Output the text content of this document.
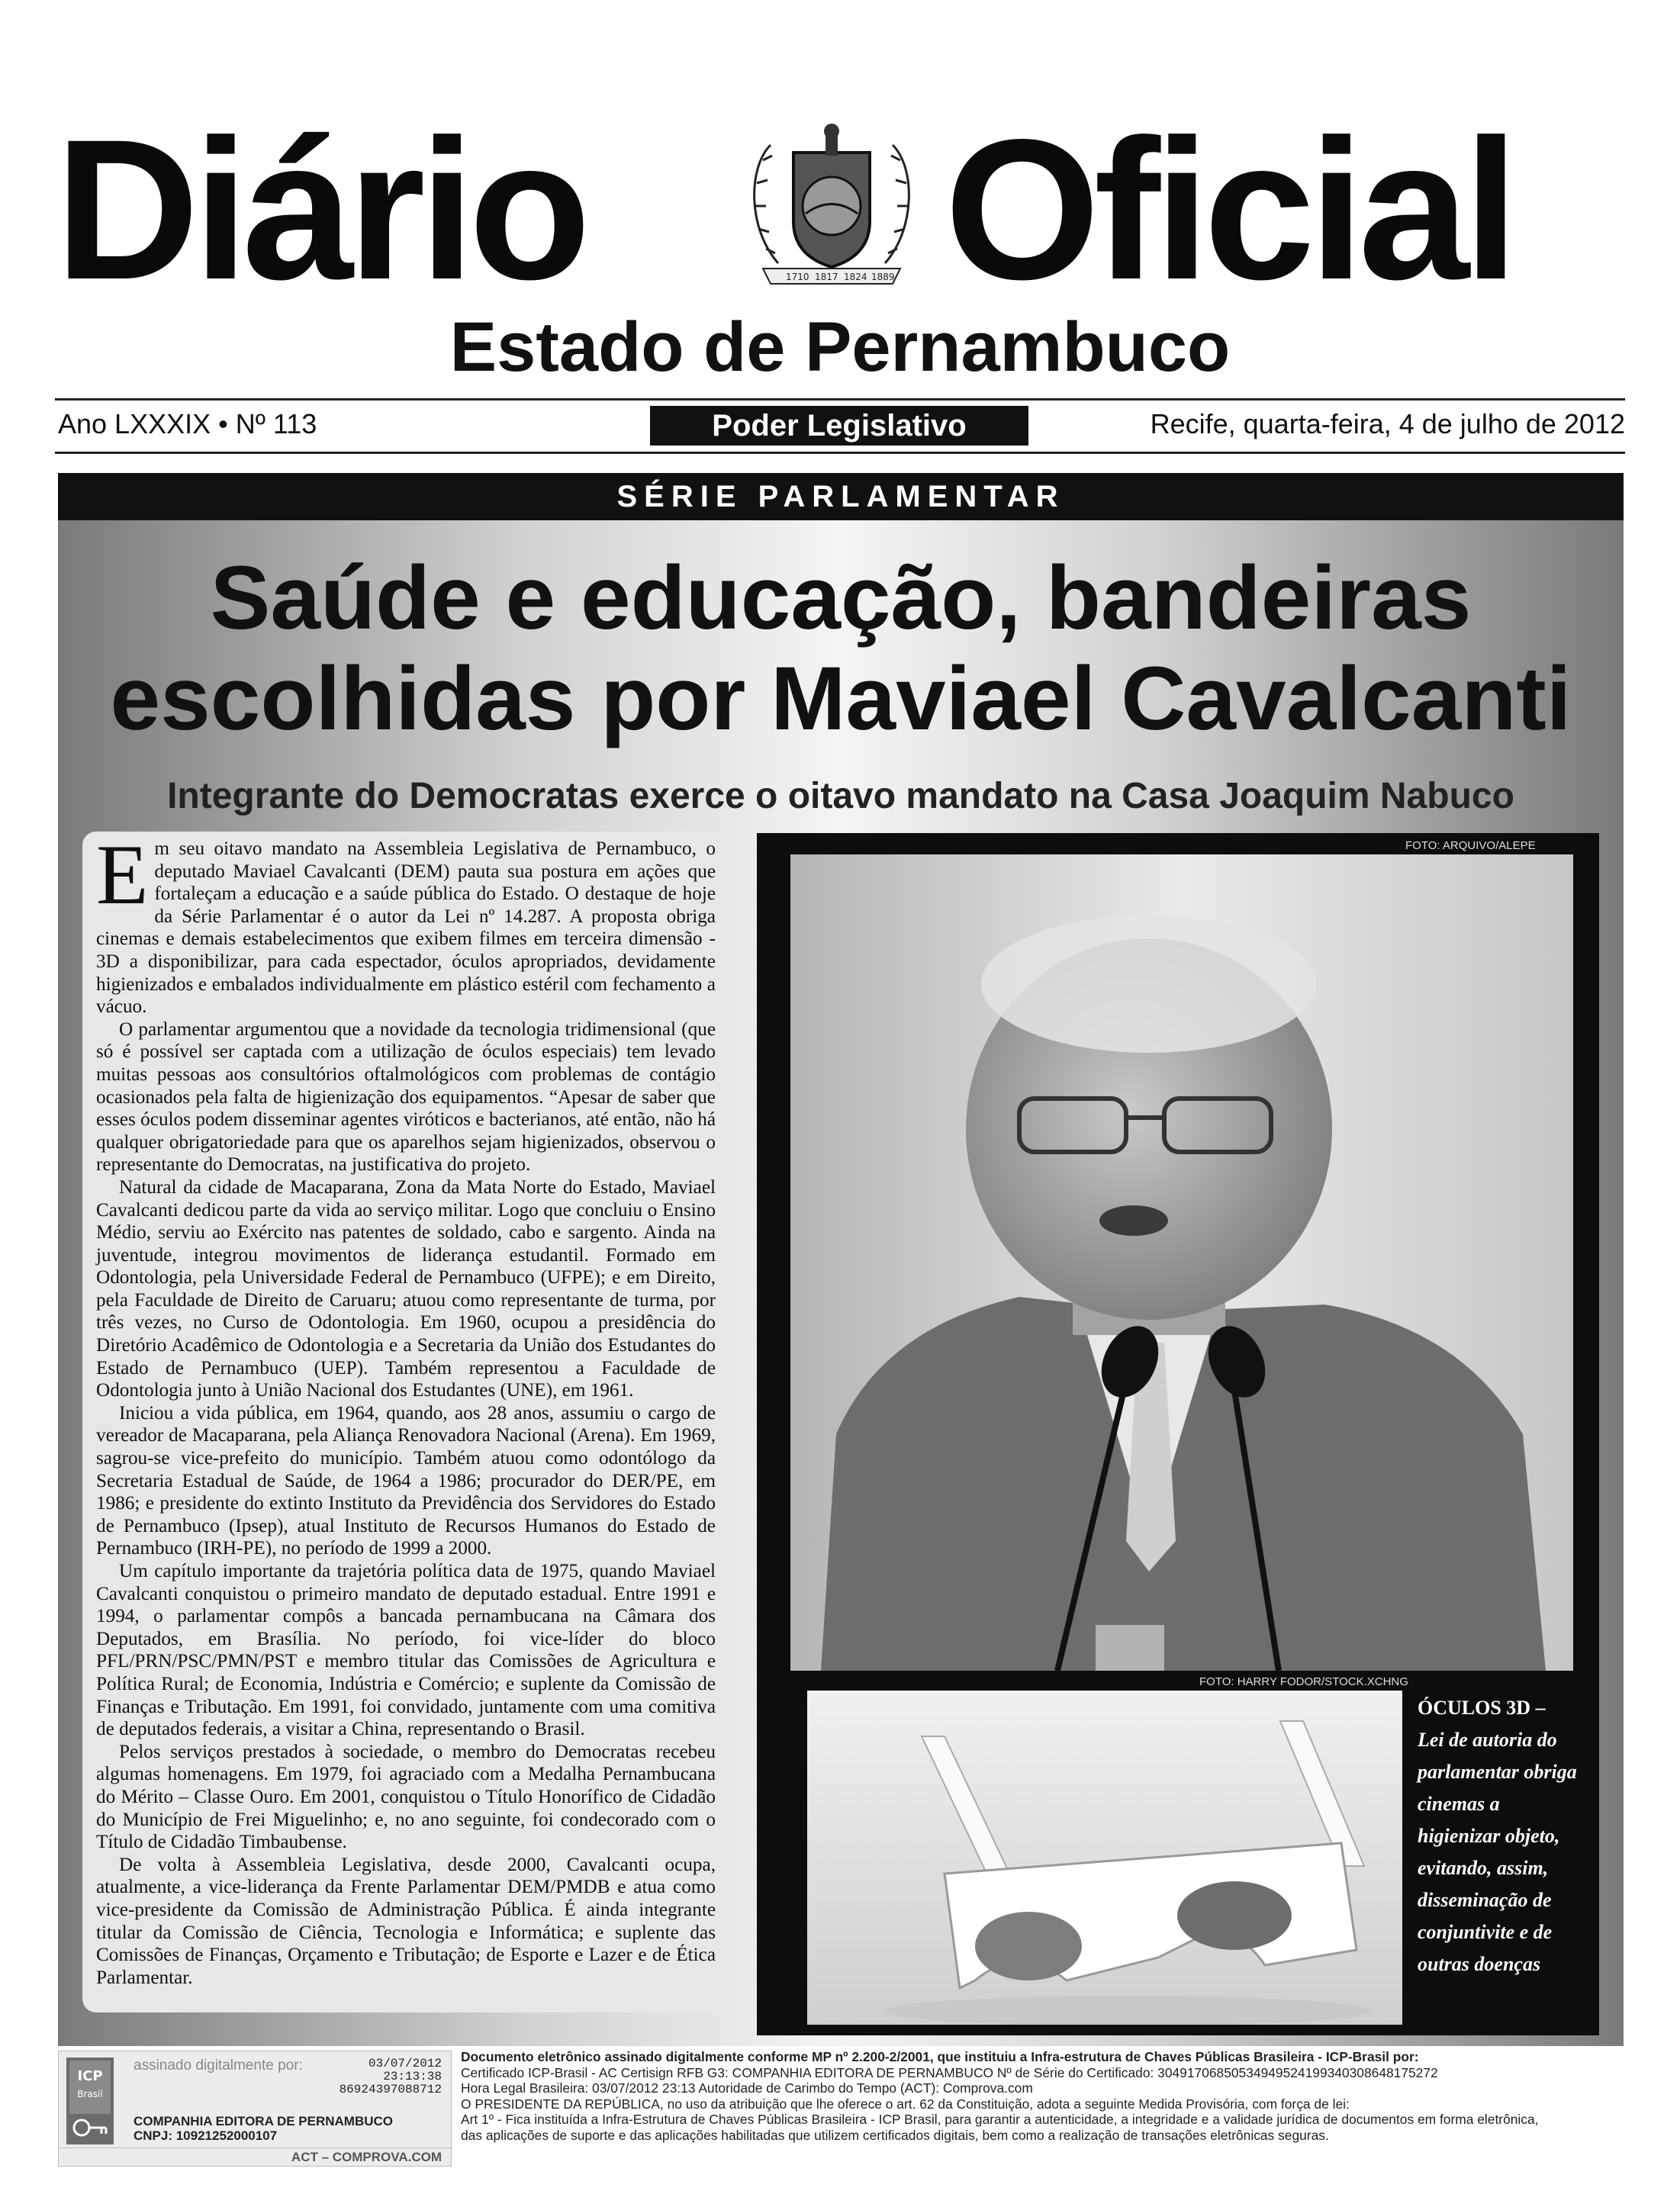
Diário	Oficial
1710 1817 1824 1889
Estado de Pernambuco
Ano LXXXIX • Nº 113	Poder Legislativo	Recife, quarta-feira, 4 de julho de 2012
SÉRIE PARLAMENTAR
Saúde e educação, bandeiras
escolhidas por Maviael Cavalcanti
Integrante do Democratas exerce o oitavo mandato na Casa Joaquim Nabuco

Em seu oitavo mandato na Assembleia Legislativa de Pernambuco, o deputado Maviael Cavalcanti (DEM) pauta sua postura em ações que fortaleçam a educação e a saúde pública do Estado. O destaque de hoje da Série Parlamentar é o autor da Lei nº 14.287. A proposta obriga cinemas e demais estabelecimentos que exibem filmes em terceira dimensão - 3D a disponibilizar, para cada espectador, óculos apropriados, devidamente higienizados e embalados individualmente em plástico estéril com fechamento a vácuo.

O parlamentar argumentou que a novidade da tecnologia tridimensional (que só é possível ser captada com a utilização de óculos especiais) tem levado muitas pessoas aos consultórios oftalmológicos com problemas de contágio ocasionados pela falta de higienização dos equipamentos. “Apesar de saber que esses óculos podem disseminar agentes viróticos e bacterianos, até então, não há qualquer obrigatoriedade para que os aparelhos sejam higienizados, observou o representante do Democratas, na justificativa do projeto.

Natural da cidade de Macaparana, Zona da Mata Norte do Estado, Maviael Cavalcanti dedicou parte da vida ao serviço militar. Logo que concluiu o Ensino Médio, serviu ao Exército nas patentes de soldado, cabo e sargento. Ainda na juventude, integrou movimentos de liderança estudantil. Formado em Odontologia, pela Universidade Federal de Pernambuco (UFPE); e em Direito, pela Faculdade de Direito de Caruaru; atuou como representante de turma, por três vezes, no Curso de Odontologia. Em 1960, ocupou a presidência do Diretório Acadêmico de Odontologia e a Secretaria da União dos Estudantes do Estado de Pernambuco (UEP). Também representou a Faculdade de Odontologia junto à União Nacional dos Estudantes (UNE), em 1961.

Iniciou a vida pública, em 1964, quando, aos 28 anos, assumiu o cargo de vereador de Macaparana, pela Aliança Renovadora Nacional (Arena). Em 1969, sagrou-se vice-prefeito do município. Também atuou como odontólogo da Secretaria Estadual de Saúde, de 1964 a 1986; procurador do DER/PE, em 1986; e presidente do extinto Instituto da Previdência dos Servidores do Estado de Pernambuco (Ipsep), atual Instituto de Recursos Humanos do Estado de Pernambuco (IRH-PE), no período de 1999 a 2000.

Um capítulo importante da trajetória política data de 1975, quando Maviael Cavalcanti conquistou o primeiro mandato de deputado estadual. Entre 1991 e 1994, o parlamentar compôs a bancada pernambucana na Câmara dos Deputados, em Brasília. No período, foi vice-líder do bloco PFL/PRN/PSC/PMN/PST e membro titular das Comissões de Agricultura e Política Rural; de Economia, Indústria e Comércio; e suplente da Comissão de Finanças e Tributação. Em 1991, foi convidado, juntamente com uma comitiva de deputados federais, a visitar a China, representando o Brasil.

Pelos serviços prestados à sociedade, o membro do Democratas recebeu algumas homenagens. Em 1979, foi agraciado com a Medalha Pernambucana do Mérito – Classe Ouro. Em 2001, conquistou o Título Honorífico de Cidadão do Município de Frei Miguelinho; e, no ano seguinte, foi condecorado com o Título de Cidadão Timbaubense.

De volta à Assembleia Legislativa, desde 2000, Cavalcanti ocupa, atualmente, a vice-liderança da Frente Parlamentar DEM/PMDB e atua como vice-presidente da Comissão de Administração Pública. É ainda integrante titular da Comissão de Ciência, Tecnologia e Informática; e suplente das Comissões de Finanças, Orçamento e Tributação; de Esporte e Lazer e de Ética Parlamentar.

FOTO: ARQUIVO/ALEPE
FOTO: HARRY FODOR/STOCK.XCHNG
ÓCULOS 3D –
Lei de autoria do parlamentar obriga cinemas a higienizar objeto, evitando, assim, disseminação de conjuntivite e de outras doenças
ICP
Brasil
assinado digitalmente por:	03/07/2012
23:13:38
86924397088712
COMPANHIA EDITORA DE PERNAMBUCO
CNPJ: 10921252000107
ACT – COMPROVA.COM
Documento eletrônico assinado digitalmente conforme MP nº 2.200-2/2001, que instituiu a Infra-estrutura de Chaves Públicas Brasileira - ICP-Brasil por:
Certificado ICP-Brasil - AC Certisign RFB G3: COMPANHIA EDITORA DE PERNAMBUCO Nº de Série do Certificado: 30491706850534949524199340308648175272
Hora Legal Brasileira: 03/07/2012 23:13 Autoridade de Carimbo do Tempo (ACT): Comprova.com
O PRESIDENTE DA REPÚBLICA, no uso da atribuição que lhe oferece o art. 62 da Constituição, adota a seguinte Medida Provisória, com força de lei:
Art 1º - Fica instituída a Infra-Estrutura de Chaves Públicas Brasileira - ICP Brasil, para garantir a autenticidade, a integridade e a validade jurídica de documentos em forma eletrônica,
das aplicações de suporte e das aplicações habilitadas que utilizem certificados digitais, bem como a realização de transações eletrônicas seguras.
